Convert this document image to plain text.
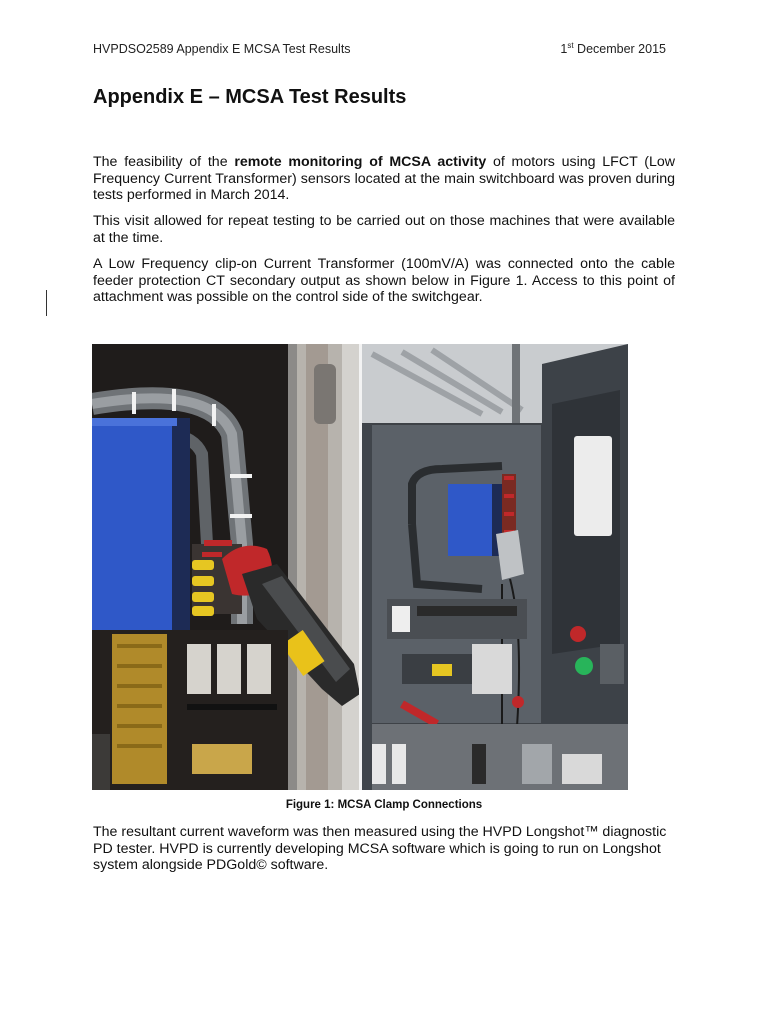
HVPDSO2589 Appendix E MCSA Test Results	1st December 2015
Appendix E – MCSA Test Results

The feasibility of the remote monitoring of MCSA activity of motors using LFCT (Low Frequency Current Transformer) sensors located at the main switchboard was proven during tests performed in March 2014.

This visit allowed for repeat testing to be carried out on those machines that were available at the time.

A Low Frequency clip-on Current Transformer (100mV/A) was connected onto the cable feeder protection CT secondary output as shown below in Figure 1. Access to this point of attachment was possible on the control side of the switchgear.

Figure 1: MCSA Clamp Connections

The resultant current waveform was then measured using the HVPD Longshot™ diagnostic PD tester. HVPD is currently developing MCSA software which is going to run on Longshot system alongside PDGold© software.
